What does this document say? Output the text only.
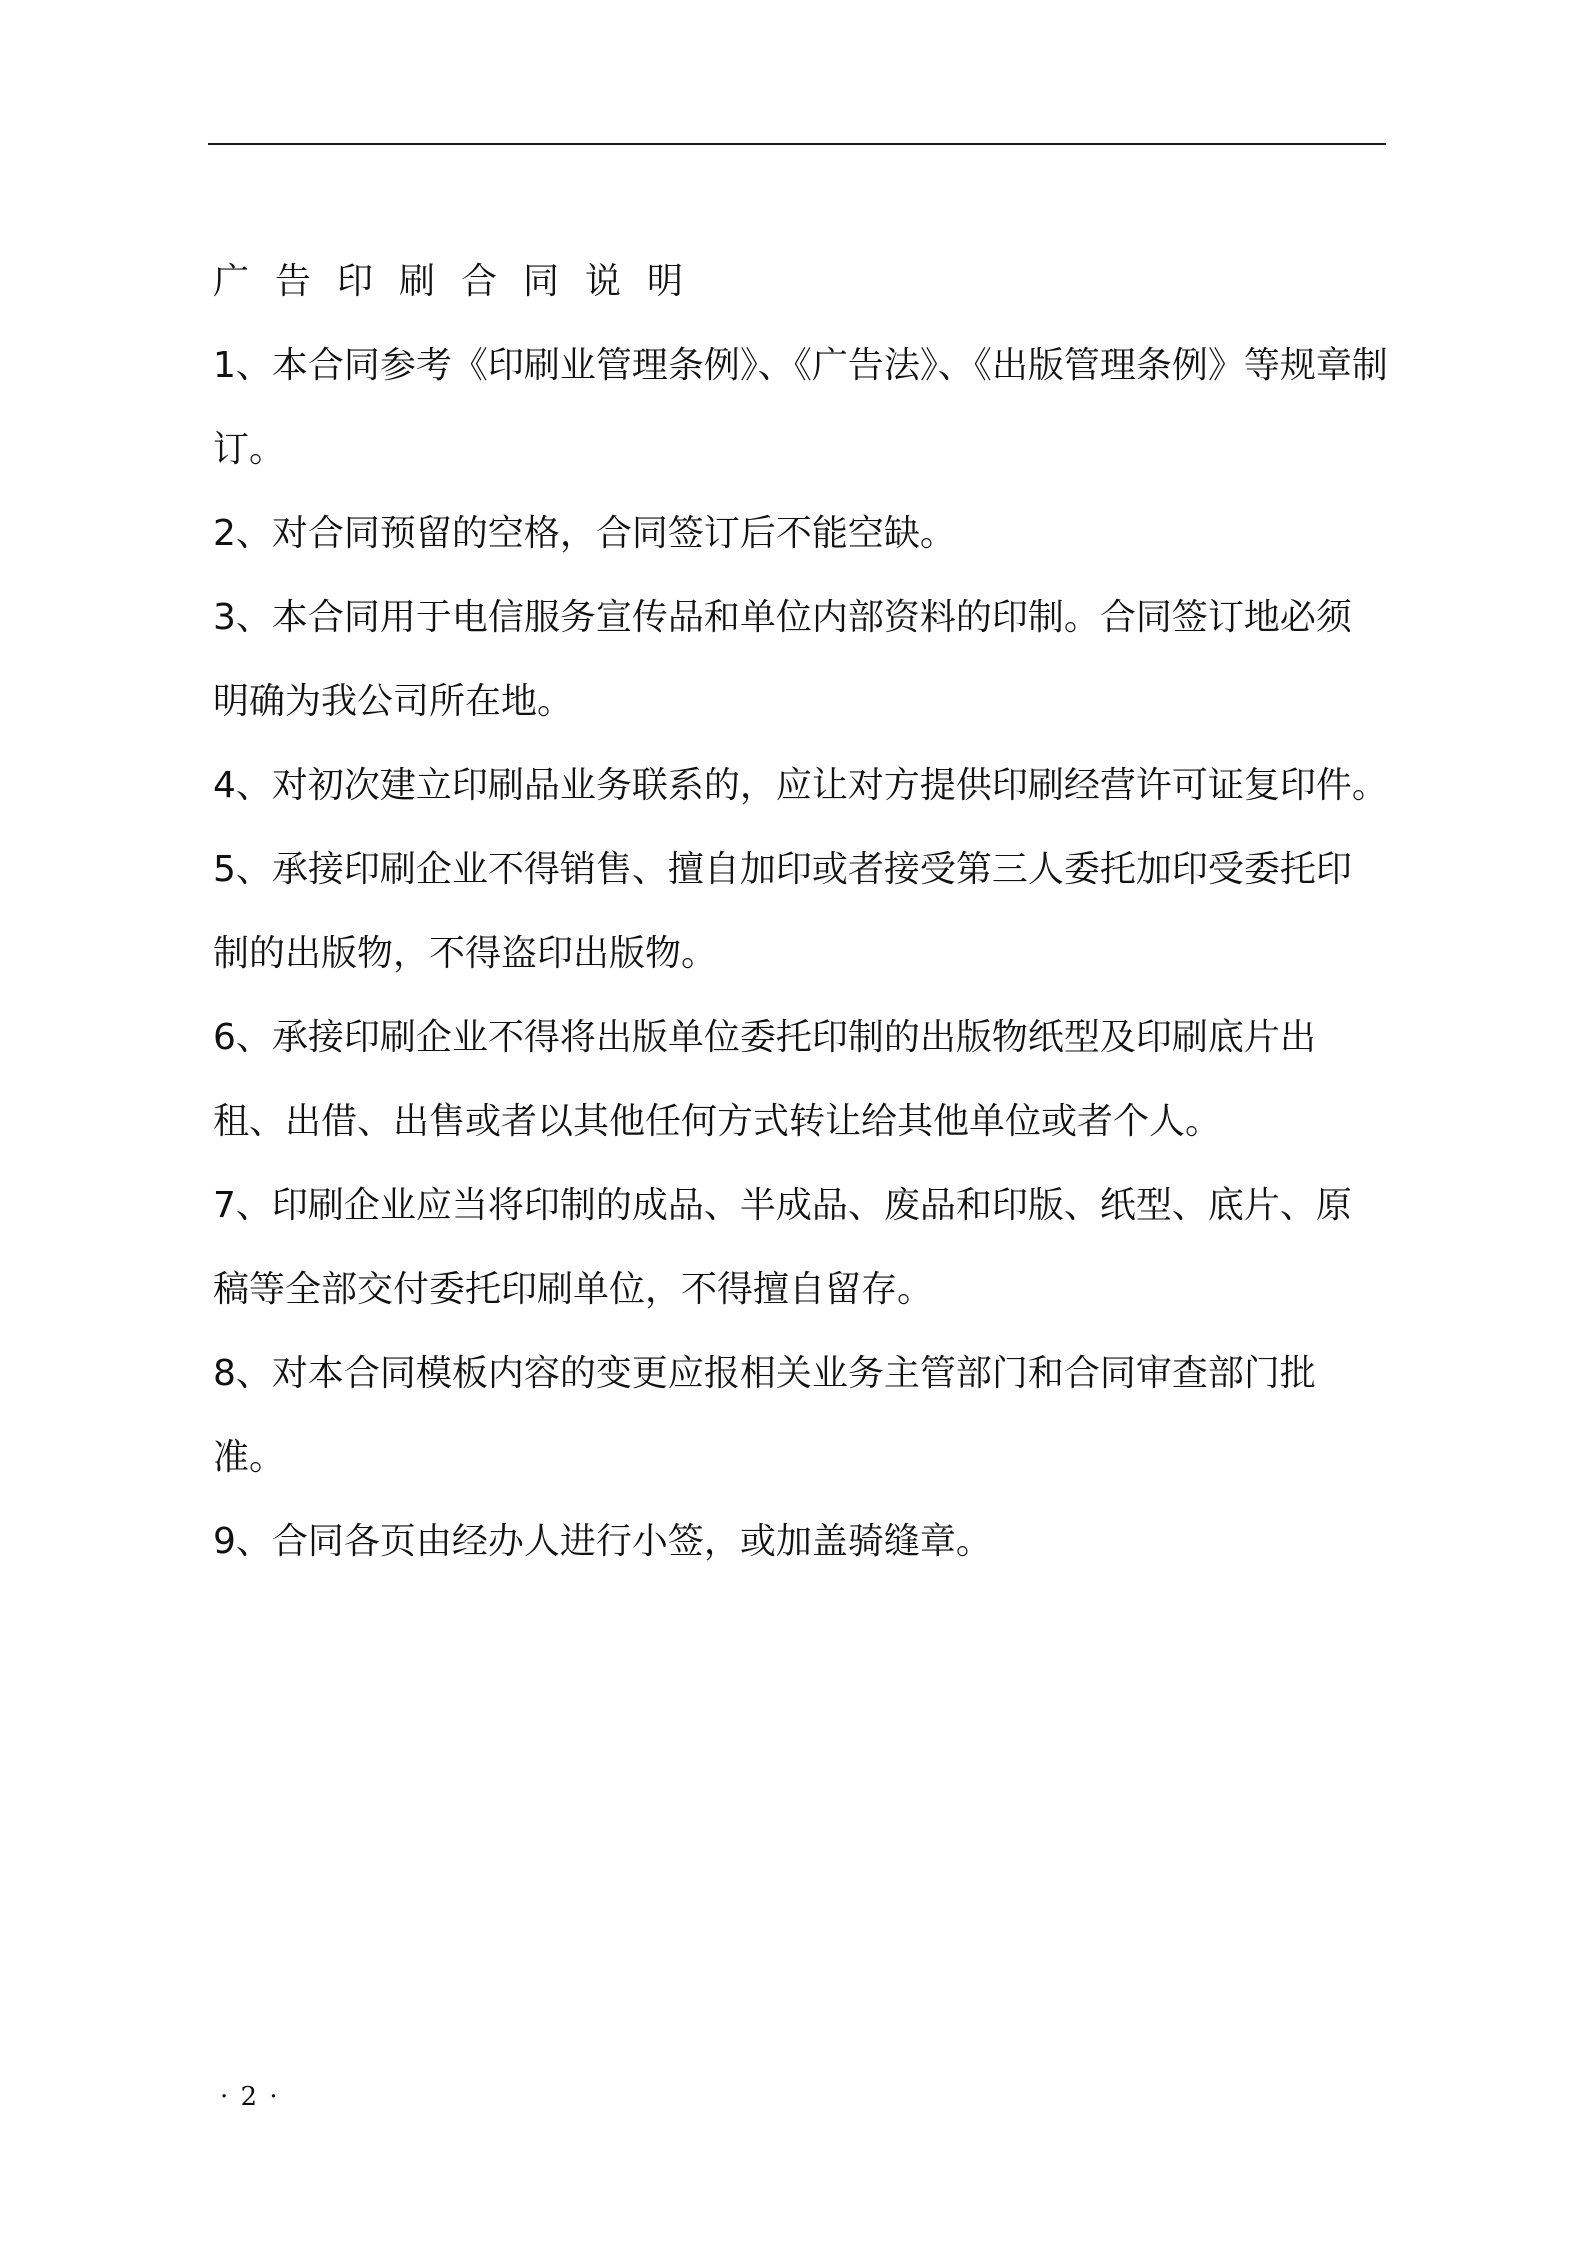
广告印刷合同说明
1、本合同参考《印刷业管理条例》、《广告法》、《出版管理条例》等规章制
订。
2、对合同预留的空格，合同签订后不能空缺。
3、本合同用于电信服务宣传品和单位内部资料的印制。合同签订地必须
明确为我公司所在地。
4、对初次建立印刷品业务联系的，应让对方提供印刷经营许可证复印件。
5、承接印刷企业不得销售、擅自加印或者接受第三人委托加印受委托印
制的出版物，不得盗印出版物。
6、承接印刷企业不得将出版单位委托印制的出版物纸型及印刷底片出
租、出借、出售或者以其他任何方式转让给其他单位或者个人。
7、印刷企业应当将印制的成品、半成品、废品和印版、纸型、底片、原
稿等全部交付委托印刷单位，不得擅自留存。
8、对本合同模板内容的变更应报相关业务主管部门和合同审查部门批
准。
9、合同各页由经办人进行小签，或加盖骑缝章。
· 2 ·
